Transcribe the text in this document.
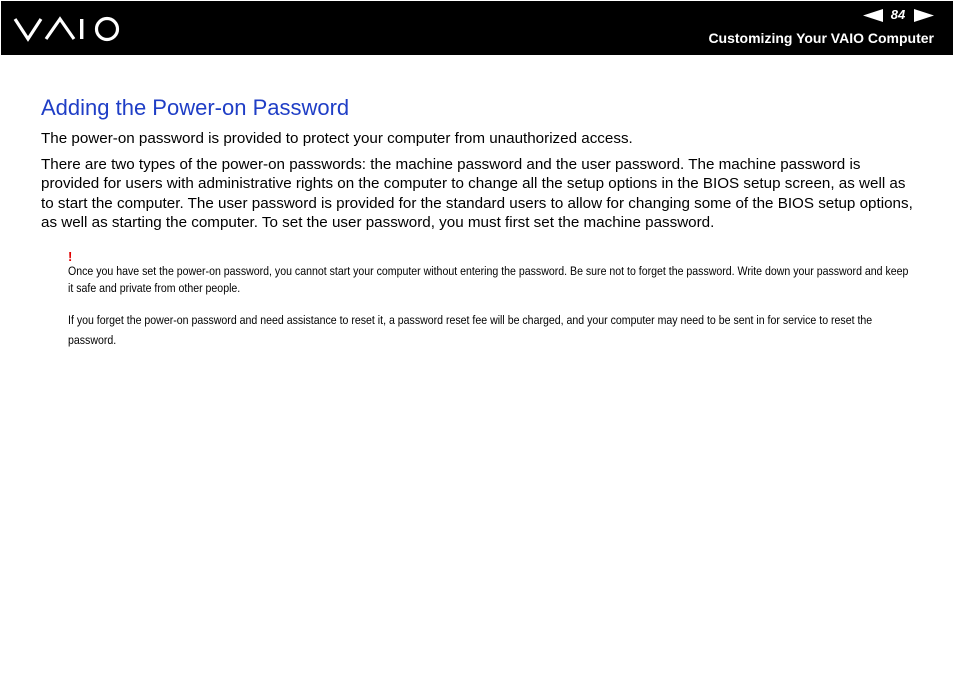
84
Customizing Your VAIO Computer
Adding the Power-on Password

The power-on password is provided to protect your computer from unauthorized access.

There are two types of the power-on passwords: the machine password and the user password. The machine password is provided for users with administrative rights on the computer to change all the setup options in the BIOS setup screen, as well as to start the computer. The user password is provided for the standard users to allow for changing some of the BIOS setup options, as well as starting the computer. To set the user password, you must first set the machine password.

!

Once you have set the power-on password, you cannot start your computer without entering the password. Be sure not to forget the password. Write down your password and keep it safe and private from other people.

If you forget the power-on password and need assistance to reset it, a password reset fee will be charged, and your computer may need to be sent in for service to reset the password.
